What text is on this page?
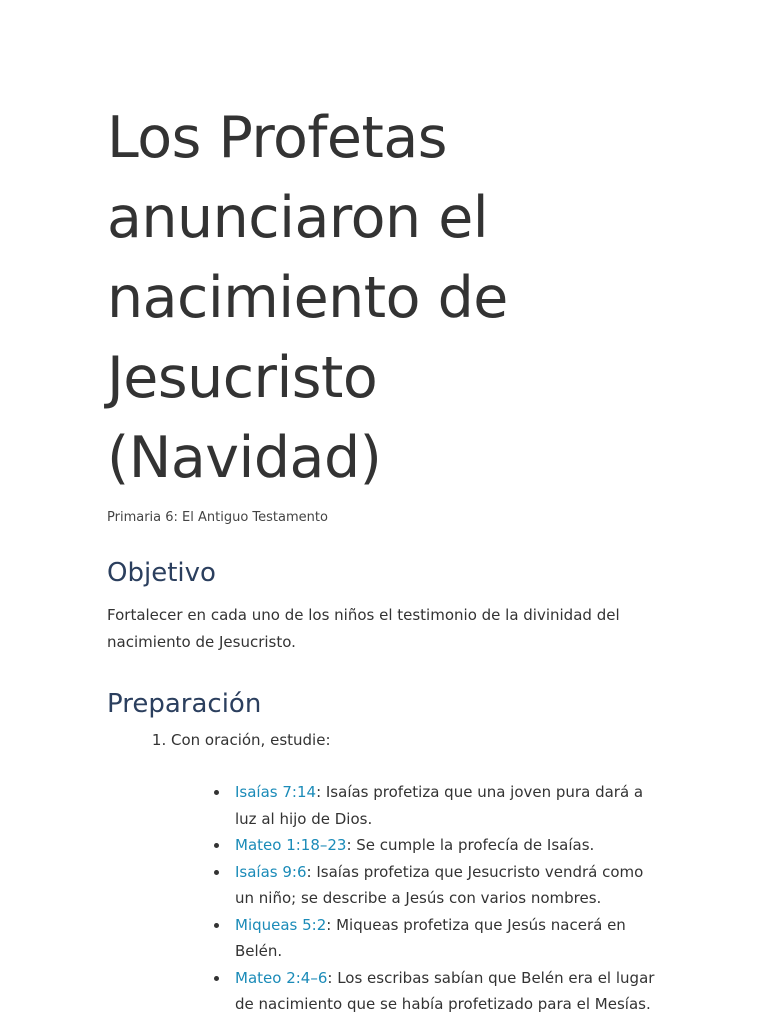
Los Profetas anunciaron el nacimiento de Jesucristo (Navidad)

Primaria 6: El Antiguo Testamento

Objetivo

Fortalecer en cada uno de los niños el testimonio de la divinidad del nacimiento de Jesucristo.

Preparación
1. Con oración, estudie:
Isaías 7:14: Isaías profetiza que una joven pura dará a luz al hijo de Dios.
Mateo 1:18–23: Se cumple la profecía de Isaías.
Isaías 9:6: Isaías profetiza que Jesucristo vendrá como un niño; se describe a Jesús con varios nombres.
Miqueas 5:2: Miqueas profetiza que Jesús nacerá en Belén.
Mateo 2:4–6: Los escribas sabían que Belén era el lugar de nacimiento que se había profetizado para el Mesías.
